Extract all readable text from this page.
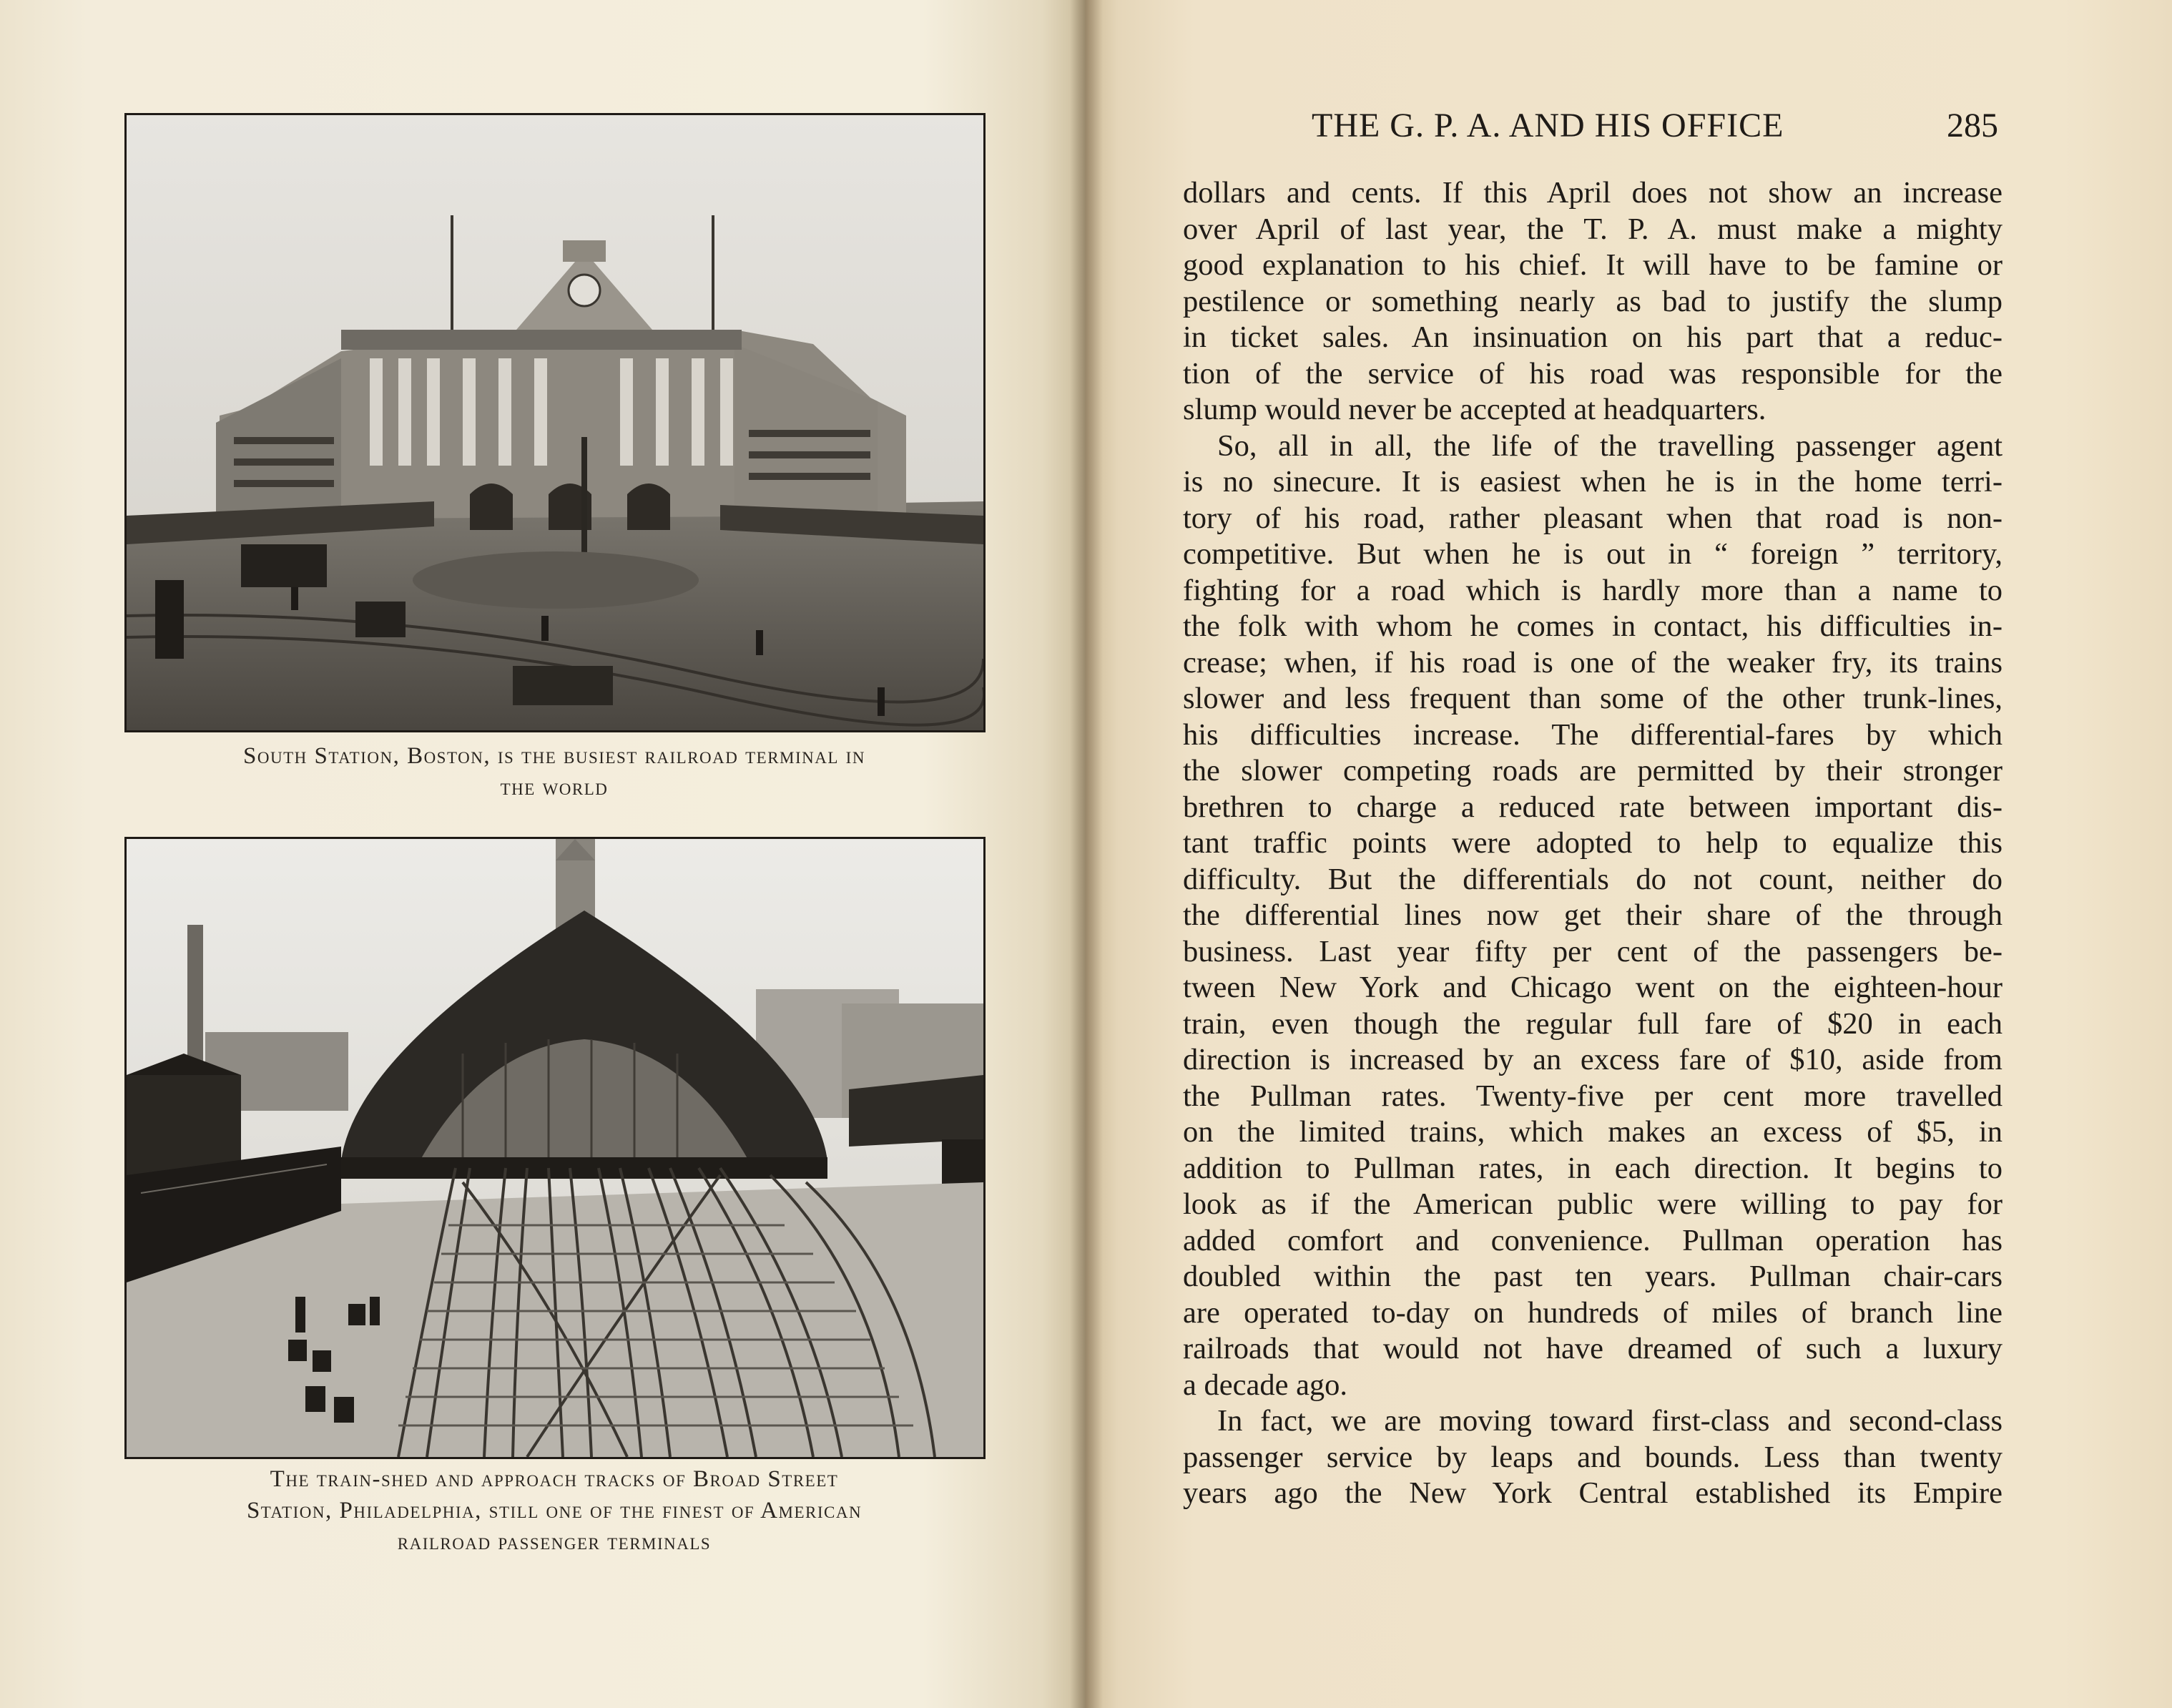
South Station, Boston, is the busiest railroad terminal in
the world
The train-shed and approach tracks of Broad Street
Station, Philadelphia, still one of the finest of American
railroad passenger terminals
THE G. P. A. AND HIS OFFICE	285
dollars and cents. If this April does not show an increase
over April of last year, the T. P. A. must make a mighty
good explanation to his chief. It will have to be famine or
pestilence or something nearly as bad to justify the slump
in ticket sales. An insinuation on his part that a reduc-
tion of the service of his road was responsible for the
slump would never be accepted at headquarters.
So, all in all, the life of the travelling passenger agent
is no sinecure. It is easiest when he is in the home terri-
tory of his road, rather pleasant when that road is non-
competitive. But when he is out in “ foreign ” territory,
fighting for a road which is hardly more than a name to
the folk with whom he comes in contact, his difficulties in-
crease; when, if his road is one of the weaker fry, its trains
slower and less frequent than some of the other trunk-lines,
his difficulties increase. The differential-fares by which
the slower competing roads are permitted by their stronger
brethren to charge a reduced rate between important dis-
tant traffic points were adopted to help to equalize this
difficulty. But the differentials do not count, neither do
the differential lines now get their share of the through
business. Last year fifty per cent of the passengers be-
tween New York and Chicago went on the eighteen-hour
train, even though the regular full fare of $20 in each
direction is increased by an excess fare of $10, aside from
the Pullman rates. Twenty-five per cent more travelled
on the limited trains, which makes an excess of $5, in
addition to Pullman rates, in each direction. It begins to
look as if the American public were willing to pay for
added comfort and convenience. Pullman operation has
doubled within the past ten years. Pullman chair-cars
are operated to-day on hundreds of miles of branch line
railroads that would not have dreamed of such a luxury
a decade ago.
In fact, we are moving toward first-class and second-class
passenger service by leaps and bounds. Less than twenty
years ago the New York Central established its Empire
